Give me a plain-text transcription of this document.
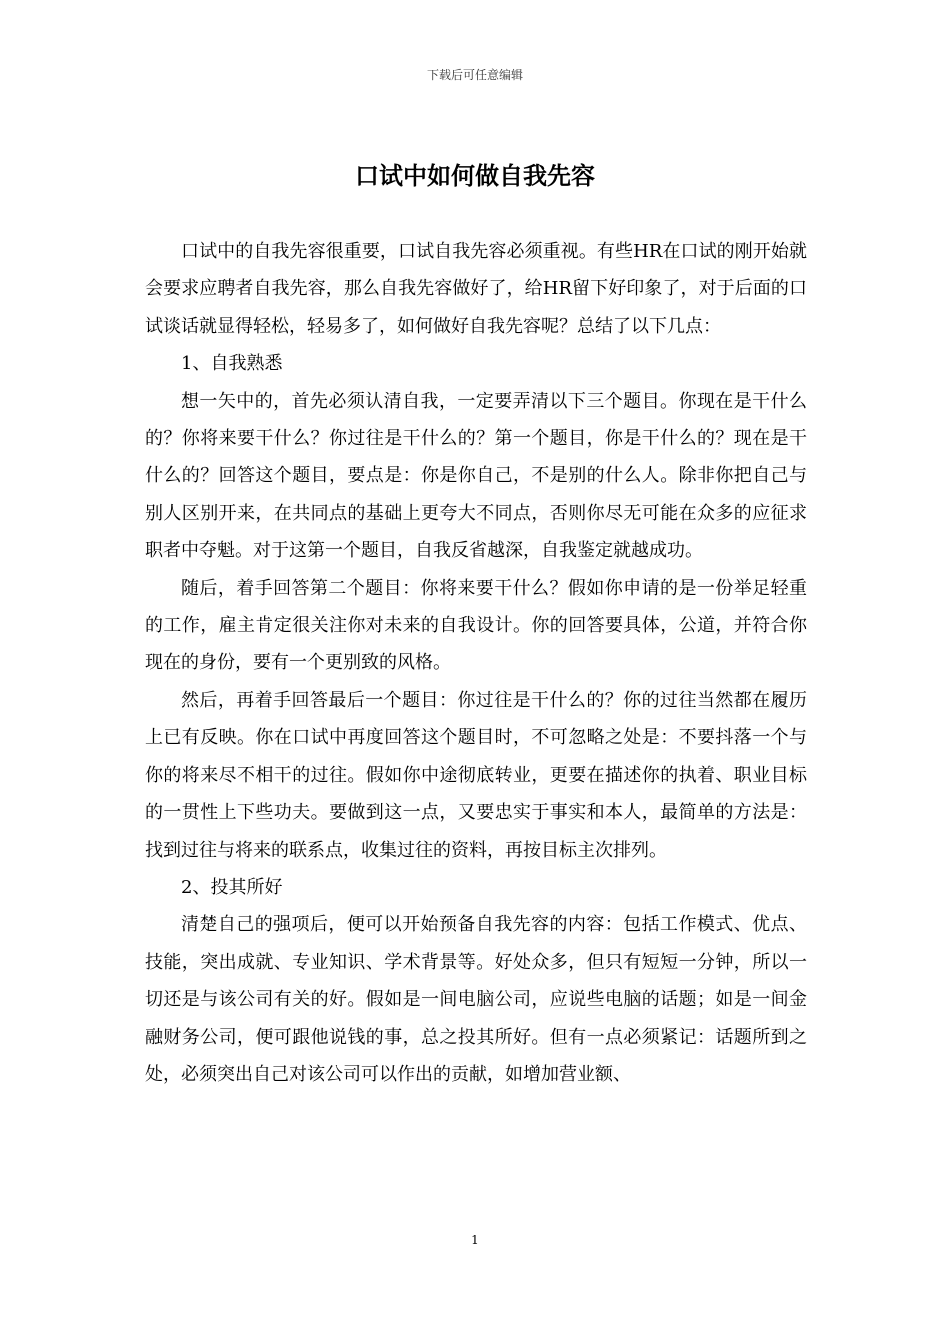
下载后可任意编辑
口试中如何做自我先容

口试中的自我先容很重要，口试自我先容必须重视。有些HR在口试的刚开始就会要求应聘者自我先容，那么自我先容做好了，给HR留下好印象了，对于后面的口试谈话就显得轻松，轻易多了，如何做好自我先容呢？总结了以下几点：

1、自我熟悉

想一矢中的，首先必须认清自我，一定要弄清以下三个题目。你现在是干什么的？你将来要干什么？你过往是干什么的？第一个题目，你是干什么的？现在是干什么的？回答这个题目，要点是：你是你自己，不是别的什么人。除非你把自己与别人区别开来，在共同点的基础上更夸大不同点，否则你尽无可能在众多的应征求职者中夺魁。对于这第一个题目，自我反省越深，自我鉴定就越成功。

随后，着手回答第二个题目：你将来要干什么？假如你申请的是一份举足轻重的工作，雇主肯定很关注你对未来的自我设计。你的回答要具体，公道，并符合你现在的身份，要有一个更别致的风格。

然后，再着手回答最后一个题目：你过往是干什么的？你的过往当然都在履历上已有反映。你在口试中再度回答这个题目时，不可忽略之处是：不要抖落一个与你的将来尽不相干的过往。假如你中途彻底转业，更要在描述你的执着、职业目标的一贯性上下些功夫。要做到这一点，又要忠实于事实和本人，最简单的方法是：找到过往与将来的联系点，收集过往的资料，再按目标主次排列。

2、投其所好

清楚自己的强项后，便可以开始预备自我先容的内容：包括工作模式、优点、技能，突出成就、专业知识、学术背景等。好处众多，但只有短短一分钟，所以一切还是与该公司有关的好。假如是一间电脑公司，应说些电脑的话题；如是一间金融财务公司，便可跟他说钱的事，总之投其所好。但有一点必须紧记：话题所到之处，必须突出自己对该公司可以作出的贡献，如增加营业额、

1
